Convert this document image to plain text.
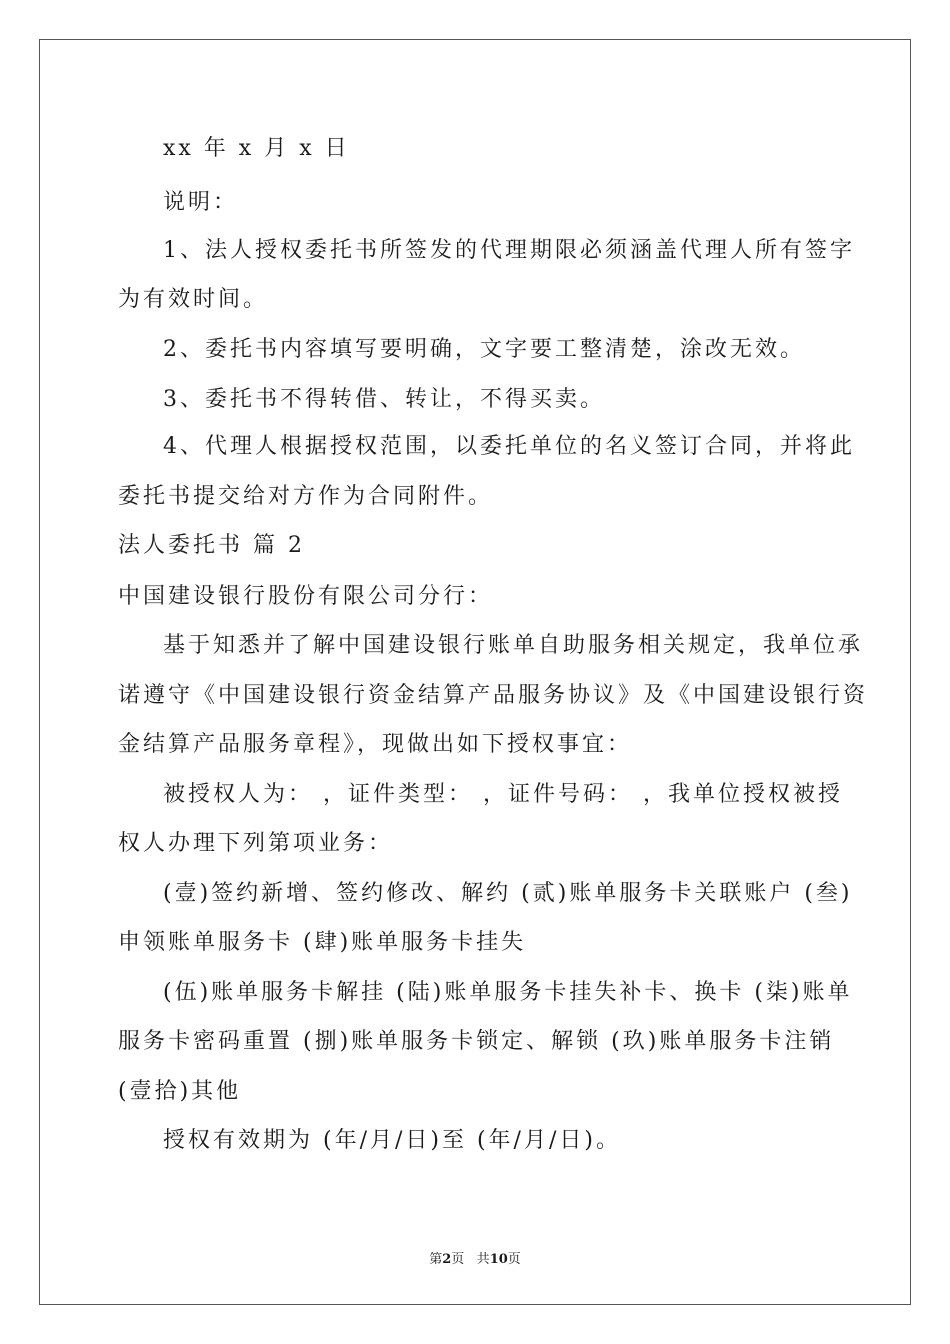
xx 年 x 月 x 日

说明：

1、法人授权委托书所签发的代理期限必须涵盖代理人所有签字

为有效时间。

2、委托书内容填写要明确，文字要工整清楚，涂改无效。

3、委托书不得转借、转让，不得买卖。

4、代理人根据授权范围，以委托单位的名义签订合同，并将此

委托书提交给对方作为合同附件。

法人委托书 篇 2

中国建设银行股份有限公司分行：

基于知悉并了解中国建设银行账单自助服务相关规定，我单位承

诺遵守《中国建设银行资金结算产品服务协议》及《中国建设银行资

金结算产品服务章程》，现做出如下授权事宜：

被授权人为： ，证件类型： ，证件号码： ，我单位授权被授

权人办理下列第项业务：

(壹)签约新增、签约修改、解约 (贰)账单服务卡关联账户 (叁)

申领账单服务卡 (肆)账单服务卡挂失

(伍)账单服务卡解挂 (陆)账单服务卡挂失补卡、换卡 (柒)账单

服务卡密码重置 (捌)账单服务卡锁定、解锁 (玖)账单服务卡注销

(壹拾)其他

授权有效期为 (年/月/日)至 (年/月/日)。

第2页 共10页
